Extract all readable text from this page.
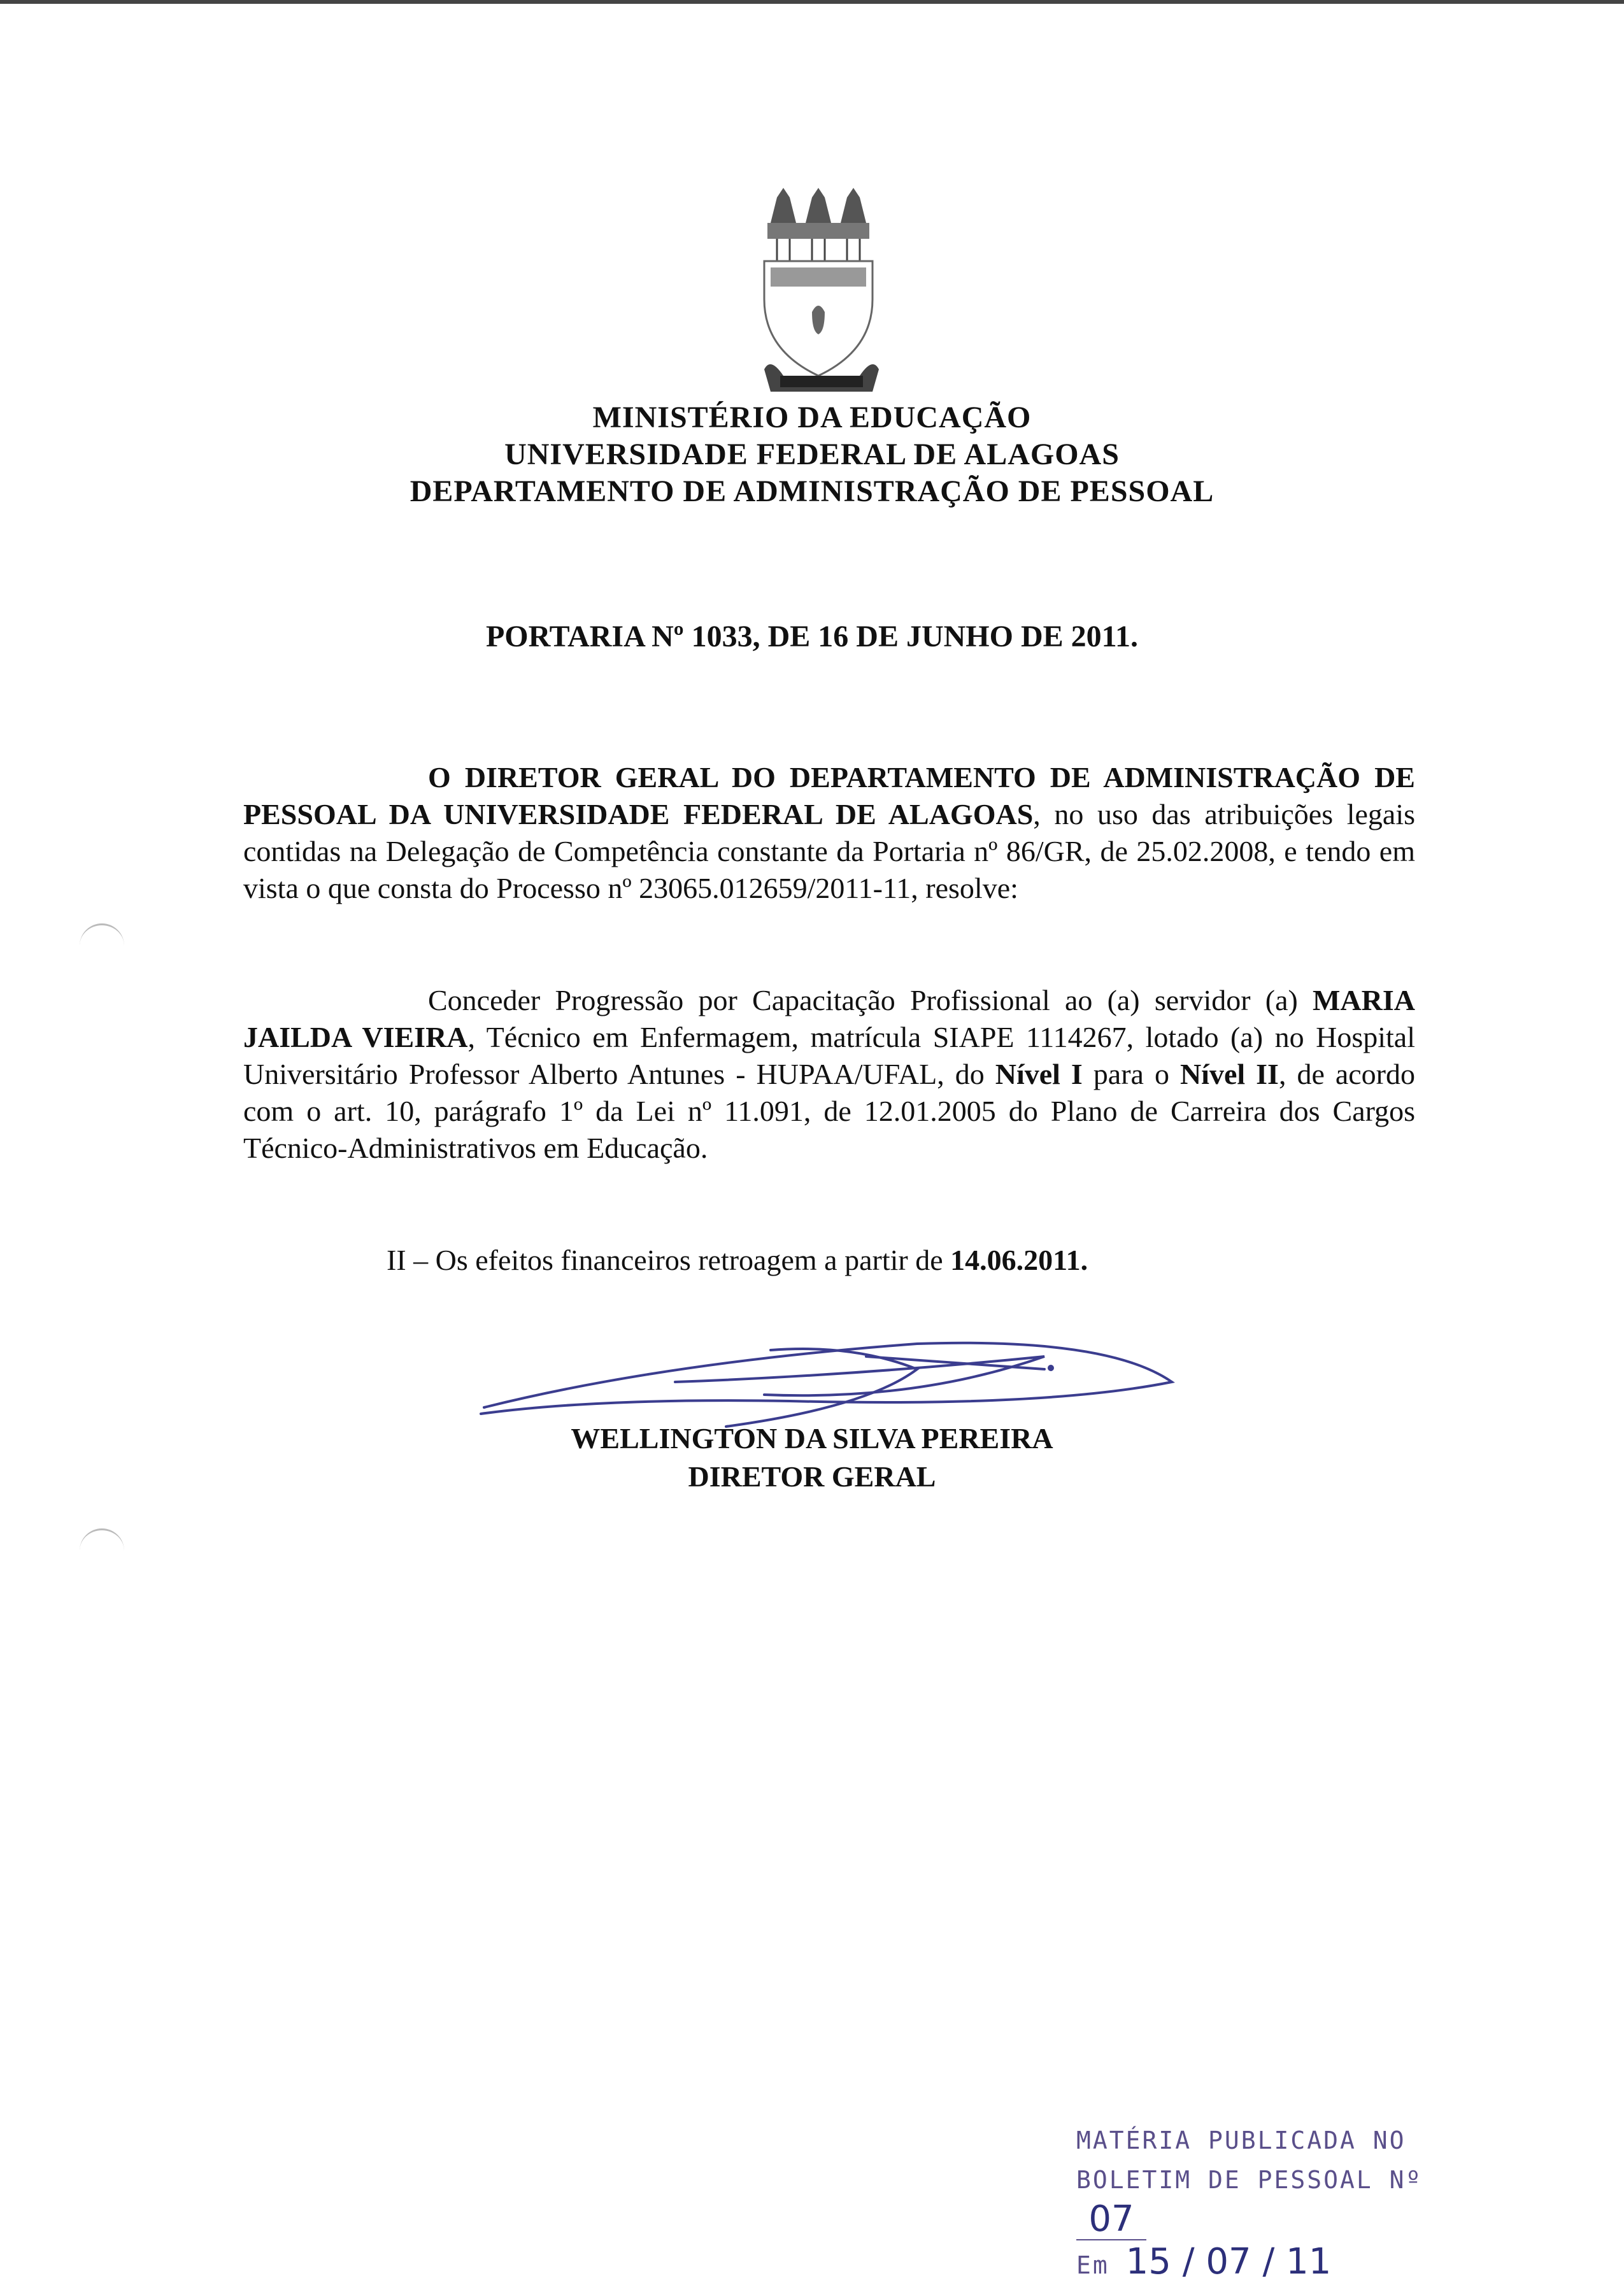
MINISTÉRIO DA EDUCAÇÃO
UNIVERSIDADE FEDERAL DE ALAGOAS
DEPARTAMENTO DE ADMINISTRAÇÃO DE PESSOAL
PORTARIA Nº 1033, DE 16 DE JUNHO DE 2011.

O DIRETOR GERAL DO DEPARTAMENTO DE ADMINISTRAÇÃO DE PESSOAL DA UNIVERSIDADE FEDERAL DE ALAGOAS, no uso das atribuições legais contidas na Delegação de Competência constante da Portaria nº 86/GR, de 25.02.2008, e tendo em vista o que consta do Processo nº 23065.012659/2011-11, resolve:

Conceder Progressão por Capacitação Profissional ao (a) servidor (a) MARIA JAILDA VIEIRA, Técnico em Enfermagem, matrícula SIAPE 1114267, lotado (a) no Hospital Universitário Professor Alberto Antunes - HUPAA/UFAL, do Nível I para o Nível II, de acordo com o art. 10, parágrafo 1º da Lei nº 11.091, de 12.01.2005 do Plano de Carreira dos Cargos Técnico-Administrativos em Educação.

II – Os efeitos financeiros retroagem a partir de 14.06.2011.

WELLINGTON DA SILVA PEREIRA
DIRETOR GERAL
MATÉRIA PUBLICADA NO
BOLETIM DE PESSOAL Nº 07
Em 15 / 07 / 11
